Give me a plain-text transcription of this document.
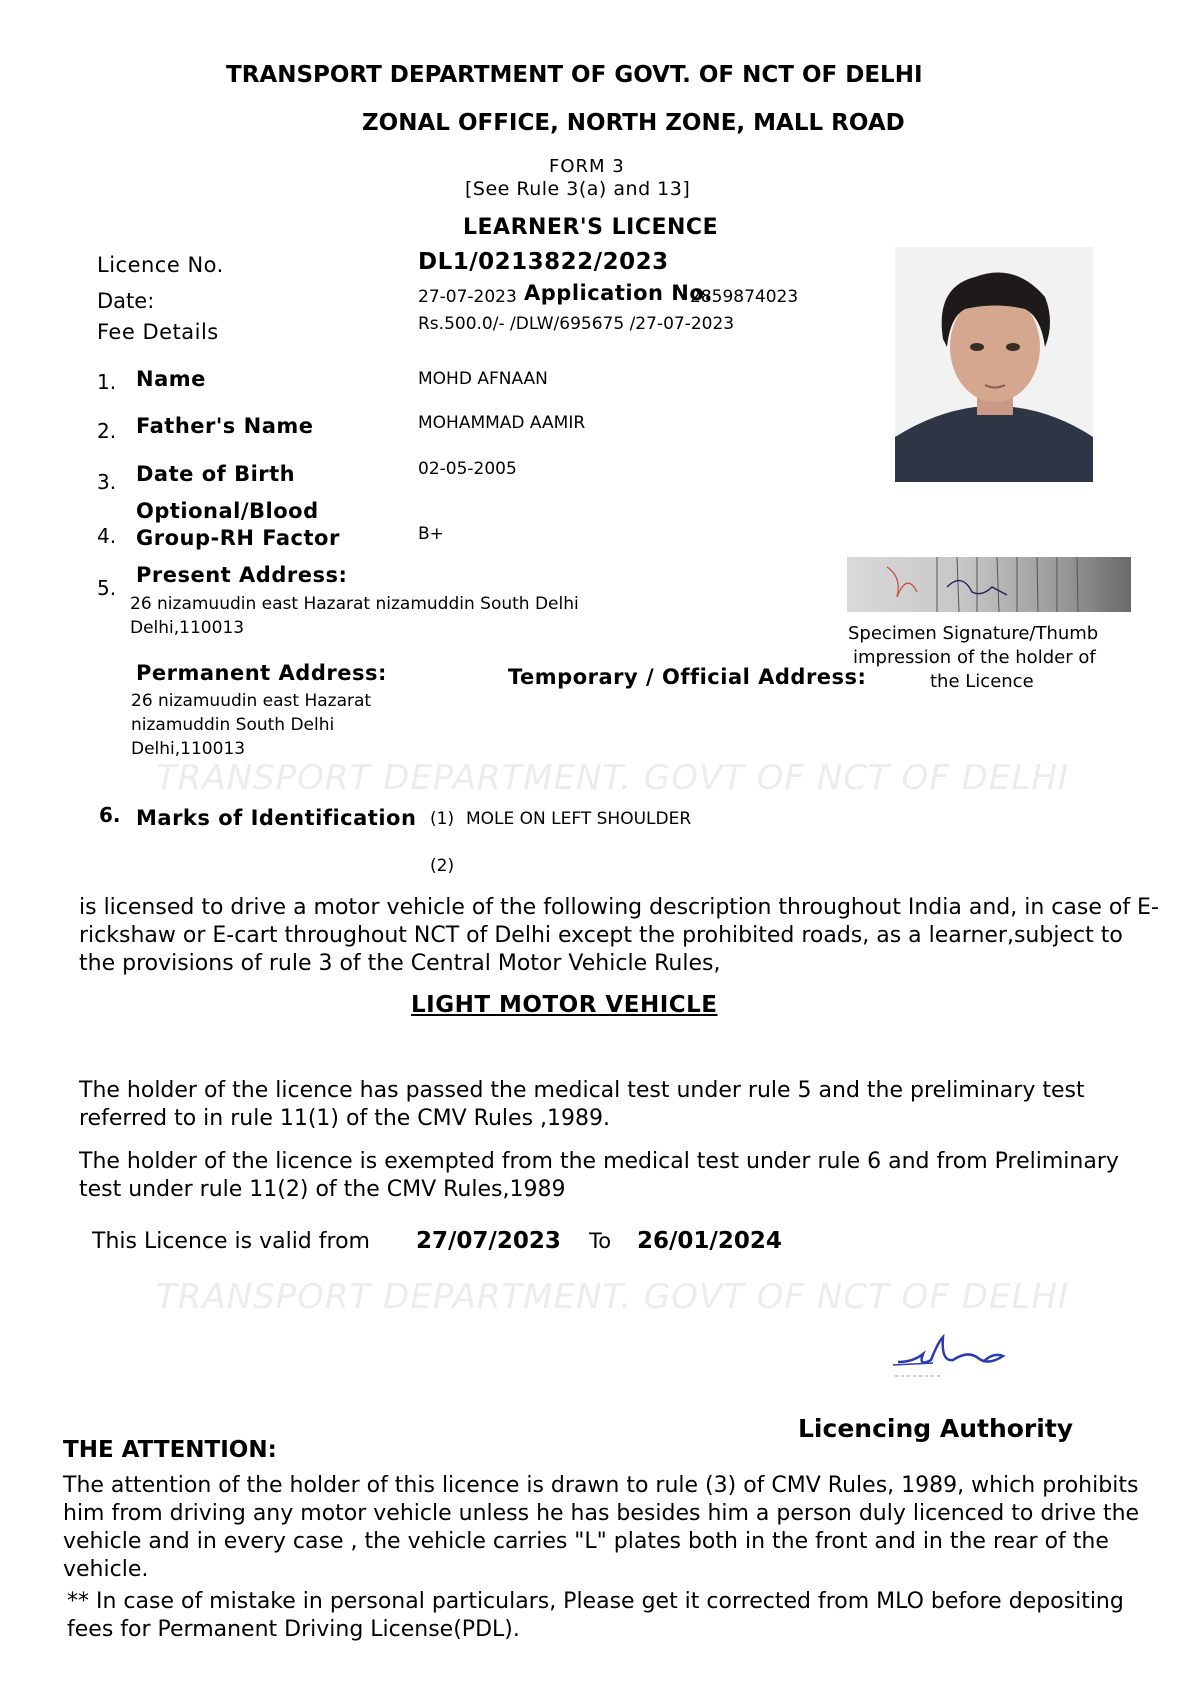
TRANSPORT DEPARTMENT OF GOVT. OF NCT OF DELHI
ZONAL OFFICE, NORTH ZONE, MALL ROAD
FORM 3
[See Rule 3(a) and 13]
LEARNER'S LICENCE
Licence No.	DL1/0213822/2023
Date:	27-07-2023 Application No.
2859874023
Fee Details	Rs.500.0/- /DLW/695675 /27-07-2023
1. Name	MOHD AFNAAN
2. Father's Name	MOHAMMAD AAMIR
3. Date of Birth	02-05-2005
4.
Optional/Blood
Group-RH Factor	B+
5.
Present Address:
26 nizamuudin east Hazarat nizamuddin South Delhi
Delhi,110013	Specimen Signature/Thumb
impression of the holder of
the Licence
Permanent Address:
26 nizamuudin east Hazarat
nizamuddin South Delhi
Delhi,110013
Temporary / Official Address:
TRANSPORT DEPARTMENT. GOVT OF NCT OF DELHI
6. Marks of Identification (1) MOLE ON LEFT SHOULDER
(2)
is licensed to drive a motor vehicle of the following description throughout India and, in case of E-rickshaw or E-cart throughout NCT of Delhi except the prohibited roads, as a learner,subject to the provisions of rule 3 of the Central Motor Vehicle Rules,
LIGHT MOTOR VEHICLE
The holder of the licence has passed the medical test under rule 5 and the preliminary test referred to in rule 11(1) of the CMV Rules ,1989.
The holder of the licence is exempted from the medical test under rule 6 and from Preliminary test under rule 11(2) of the CMV Rules,1989
This Licence is valid from 27/07/2023 To 26/01/2024
TRANSPORT DEPARTMENT. GOVT OF NCT OF DELHI
Licencing Authority
THE ATTENTION:
The attention of the holder of this licence is drawn to rule (3) of CMV Rules, 1989, which prohibits him from driving any motor vehicle unless he has besides him a person duly licenced to drive the vehicle and in every case , the vehicle carries "L" plates both in the front and in the rear of the vehicle.
** In case of mistake in personal particulars, Please get it corrected from MLO before depositing fees for Permanent Driving License(PDL).
